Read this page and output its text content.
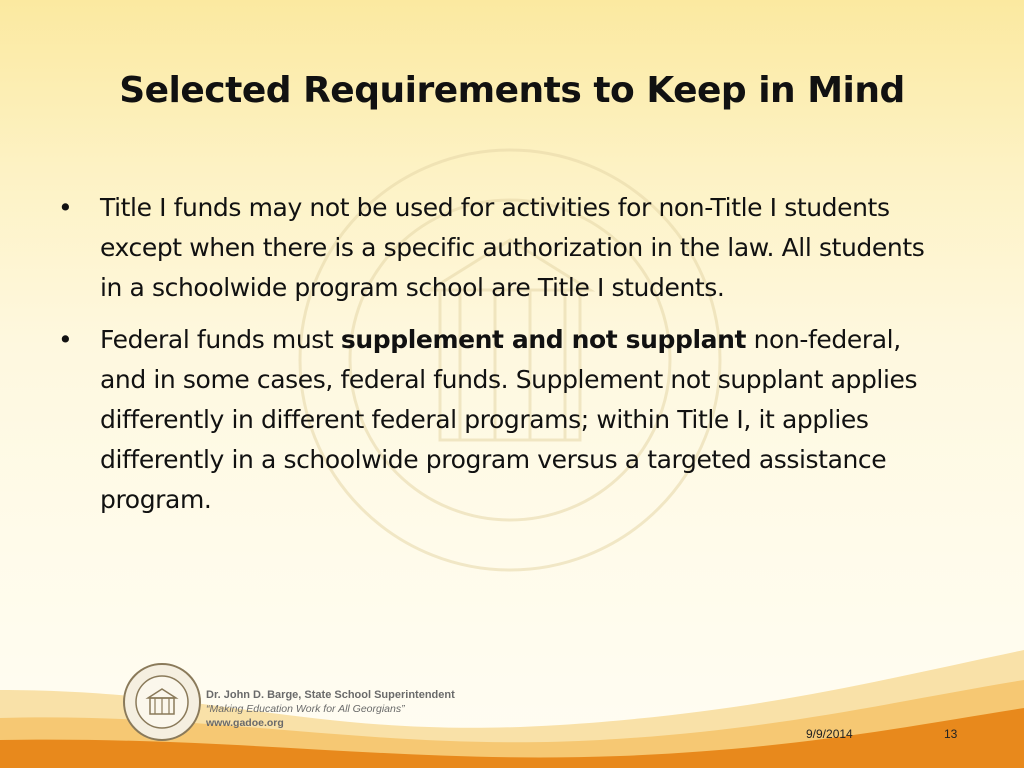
Selected Requirements to Keep in Mind
• Title I funds may not be used for activities for non-Title I students except when there is a specific authorization in the law. All students in a schoolwide program school are Title I students.
• Federal funds must supplement and not supplant non-federal, and in some cases, federal funds. Supplement not supplant applies differently in different federal programs; within Title I, it applies differently in a schoolwide program versus a targeted assistance program.
Dr. John D. Barge, State School Superintendent
“Making Education Work for All Georgians”
www.gadoe.org
9/9/2014	13
